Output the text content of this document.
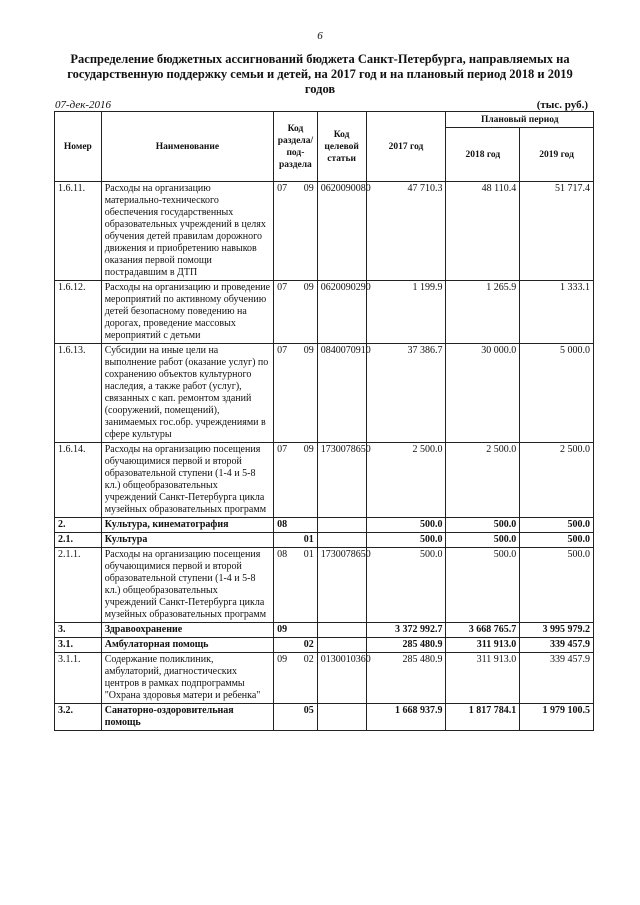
6
Распределение бюджетных ассигнований бюджета Санкт-Петербурга, направляемых на государственную поддержку семьи и детей, на 2017 год и на плановый период 2018 и 2019 годов
07-дек-2016	(тыс. руб.)
Номер	Наименование	Код раздела/ под-раздела	Код целевой статьи	2017 год	Плановый период	
					2018 год	2019 год
1.6.11.	Расходы на организацию материально-технического обеспечения государственных образовательных учреждений в целях обучения детей правилам дорожного движения и приобретению навыков оказания первой помощи пострадавшим в ДТП	07 09	0620090080	47 710.3	48 110.4	51 717.4
1.6.12.	Расходы на организацию и проведение мероприятий по активному обучению детей безопасному поведению на дорогах, проведение массовых мероприятий с детьми	07 09	0620090290	1 199.9	1 265.9	1 333.1
1.6.13.	Субсидии на иные цели на выполнение работ (оказание услуг) по сохранению объектов культурного наследия, а также работ (услуг), связанных с кап. ремонтом зданий (сооружений, помещений), занимаемых гос.обр. учреждениями в сфере культуры	07 09	0840070910	37 386.7	30 000.0	5 000.0
1.6.14.	Расходы на организацию посещения обучающимися первой и второй образовательной ступени (1-4 и 5-8 кл.) общеобразовательных учреждений Санкт-Петербурга цикла музейных образовательных программ	07 09	1730078650	2 500.0	2 500.0	2 500.0
2.	Культура, кинематография	08		500.0	500.0	500.0
2.1.	Культура	01		500.0	500.0	500.0
2.1.1.	Расходы на организацию посещения обучающимися первой и второй образовательной ступени (1-4 и 5-8 кл.) общеобразовательных учреждений Санкт-Петербурга цикла музейных образовательных программ	08 01	1730078650	500.0	500.0	500.0
3.	Здравоохранение	09		3 372 992.7	3 668 765.7	3 995 979.2
3.1.	Амбулаторная помощь	02		285 480.9	311 913.0	339 457.9
3.1.1.	Содержание поликлиник, амбулаторий, диагностических центров в рамках подпрограммы "Охрана здоровья матери и ребенка"	09 02	0130010360	285 480.9	311 913.0	339 457.9
3.2.	Санаторно-оздоровительная помощь	05		1 668 937.9	1 817 784.1	1 979 100.5
